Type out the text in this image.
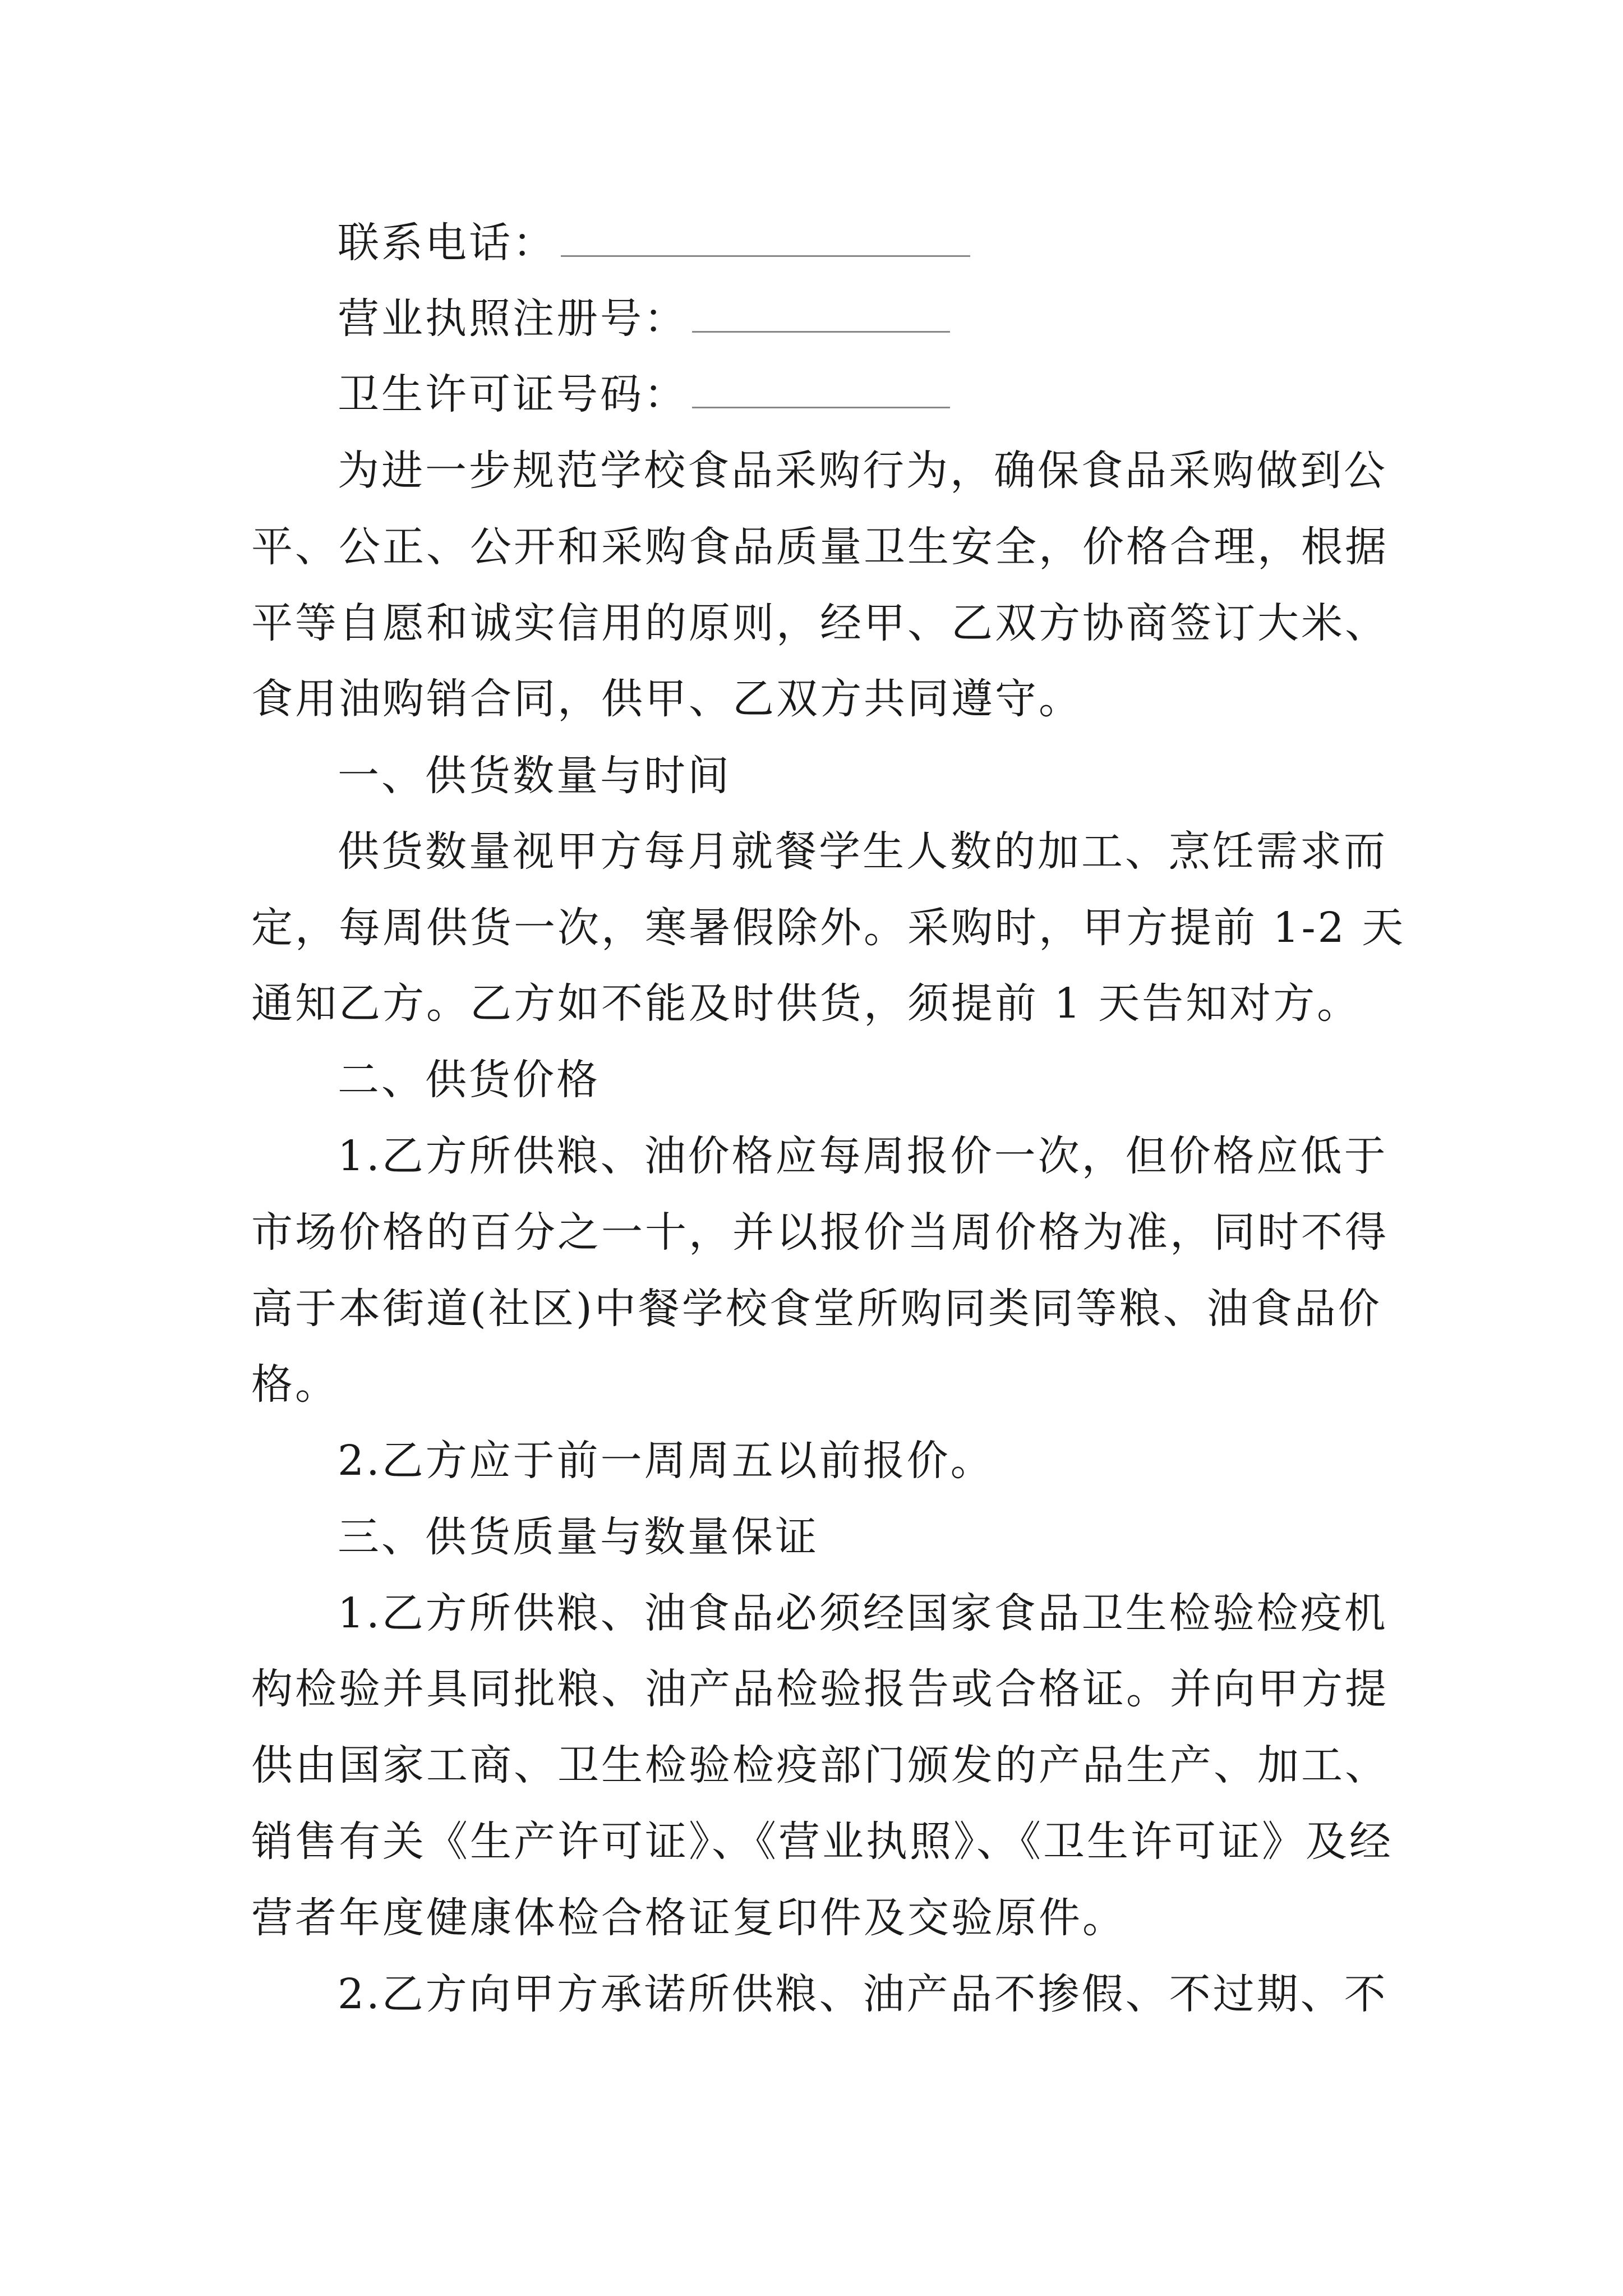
联系电话：
营业执照注册号：
卫生许可证号码：
为进一步规范学校食品采购行为，确保食品采购做到公
平、公正、公开和采购食品质量卫生安全，价格合理，根据
平等自愿和诚实信用的原则，经甲、乙双方协商签订大米、
食用油购销合同，供甲、乙双方共同遵守。
一、供货数量与时间
供货数量视甲方每月就餐学生人数的加工、烹饪需求而
定，每周供货一次，寒暑假除外。采购时，甲方提前 1-2 天
通知乙方。乙方如不能及时供货，须提前 1 天告知对方。
二、供货价格
1.乙方所供粮、油价格应每周报价一次，但价格应低于
市场价格的百分之一十，并以报价当周价格为准，同时不得
高于本街道(社区)中餐学校食堂所购同类同等粮、油食品价
格。
2.乙方应于前一周周五以前报价。
三、供货质量与数量保证
1.乙方所供粮、油食品必须经国家食品卫生检验检疫机
构检验并具同批粮、油产品检验报告或合格证。并向甲方提
供由国家工商、卫生检验检疫部门颁发的产品生产、加工、
销售有关《生产许可证》、《营业执照》、《卫生许可证》及经
营者年度健康体检合格证复印件及交验原件。
2.乙方向甲方承诺所供粮、油产品不掺假、不过期、不
